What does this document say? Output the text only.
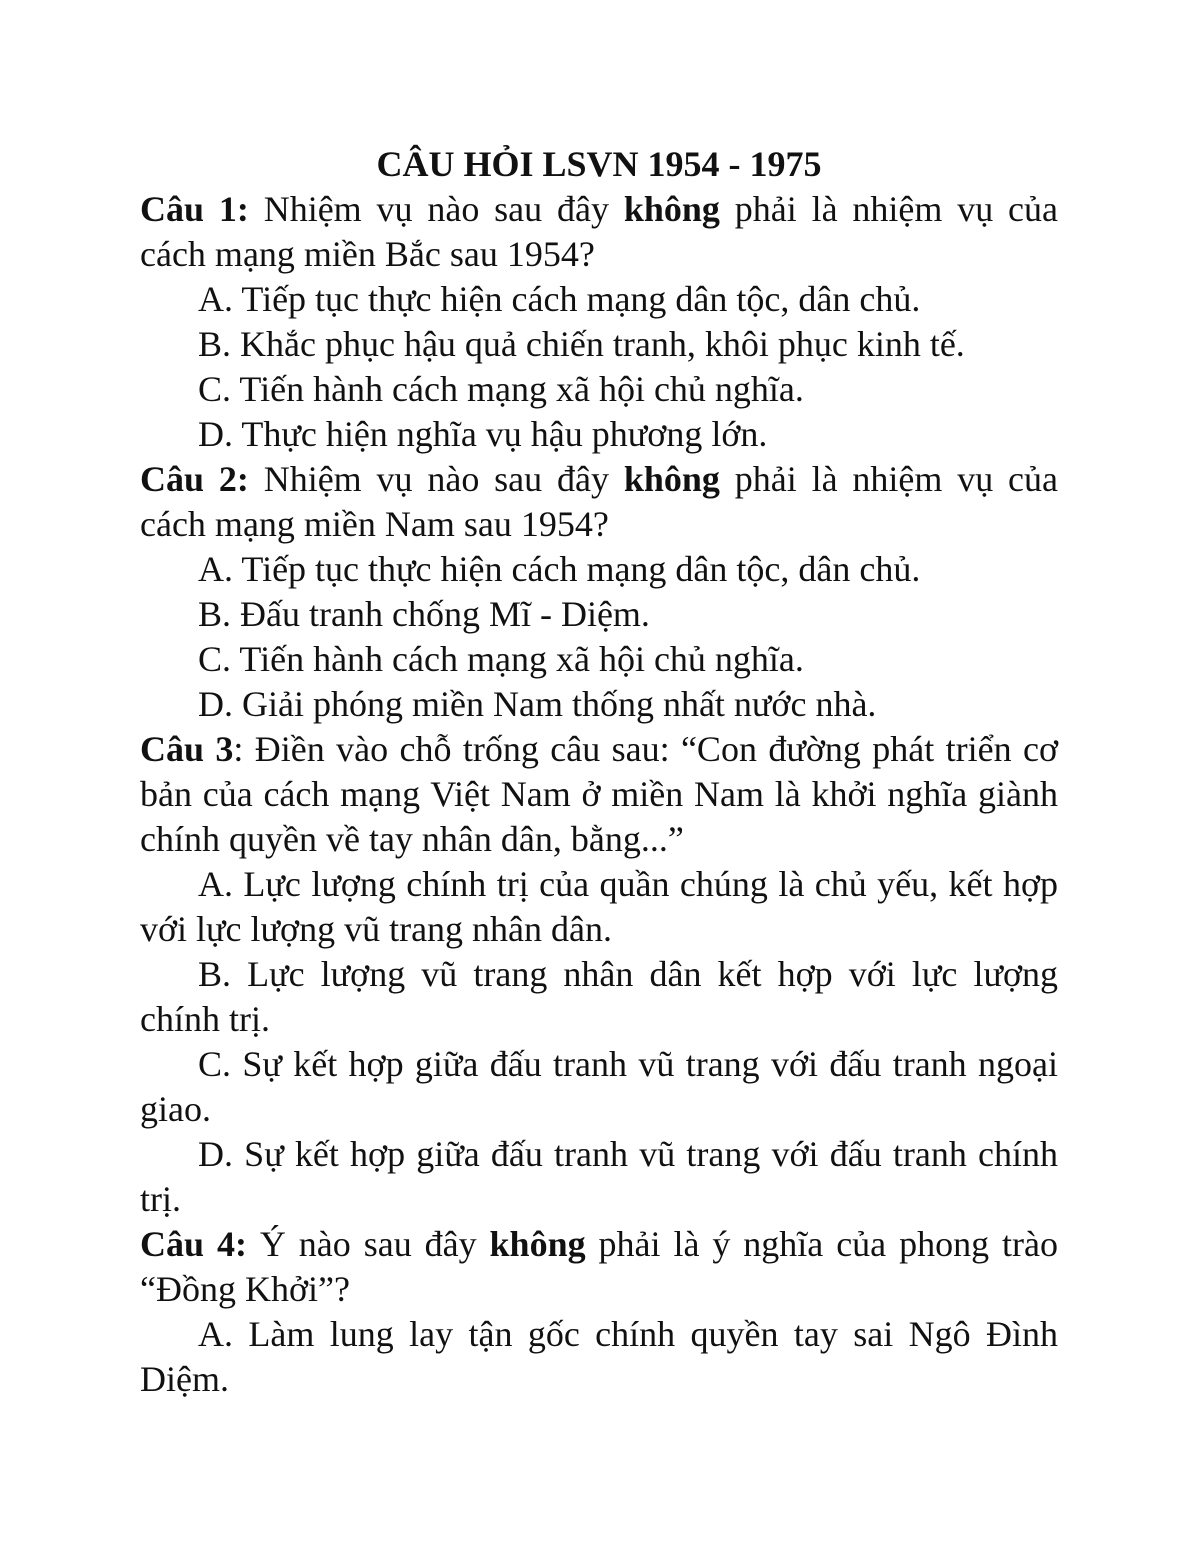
CÂU HỎI LSVN 1954 - 1975

Câu 1: Nhiệm vụ nào sau đây không phải là nhiệm vụ của cách mạng miền Bắc sau 1954?

A. Tiếp tục thực hiện cách mạng dân tộc, dân chủ.

B. Khắc phục hậu quả chiến tranh, khôi phục kinh tế.

C. Tiến hành cách mạng xã hội chủ nghĩa.

D. Thực hiện nghĩa vụ hậu phương lớn.

Câu 2: Nhiệm vụ nào sau đây không phải là nhiệm vụ của cách mạng miền Nam sau 1954?

A. Tiếp tục thực hiện cách mạng dân tộc, dân chủ.

B. Đấu tranh chống Mĩ - Diệm.

C. Tiến hành cách mạng xã hội chủ nghĩa.

D. Giải phóng miền Nam thống nhất nước nhà.

Câu 3: Điền vào chỗ trống câu sau: “Con đường phát triển cơ bản của cách mạng Việt Nam ở miền Nam là khởi nghĩa giành chính quyền về tay nhân dân, bằng...”

A. Lực lượng chính trị của quần chúng là chủ yếu, kết hợp với lực lượng vũ trang nhân dân.

B. Lực lượng vũ trang nhân dân kết hợp với lực lượng chính trị.

C. Sự kết hợp giữa đấu tranh vũ trang với đấu tranh ngoại giao.

D. Sự kết hợp giữa đấu tranh vũ trang với đấu tranh chính trị.

Câu 4: Ý nào sau đây không phải là ý nghĩa của phong trào “Đồng Khởi”?

A. Làm lung lay tận gốc chính quyền tay sai Ngô Đình Diệm.
